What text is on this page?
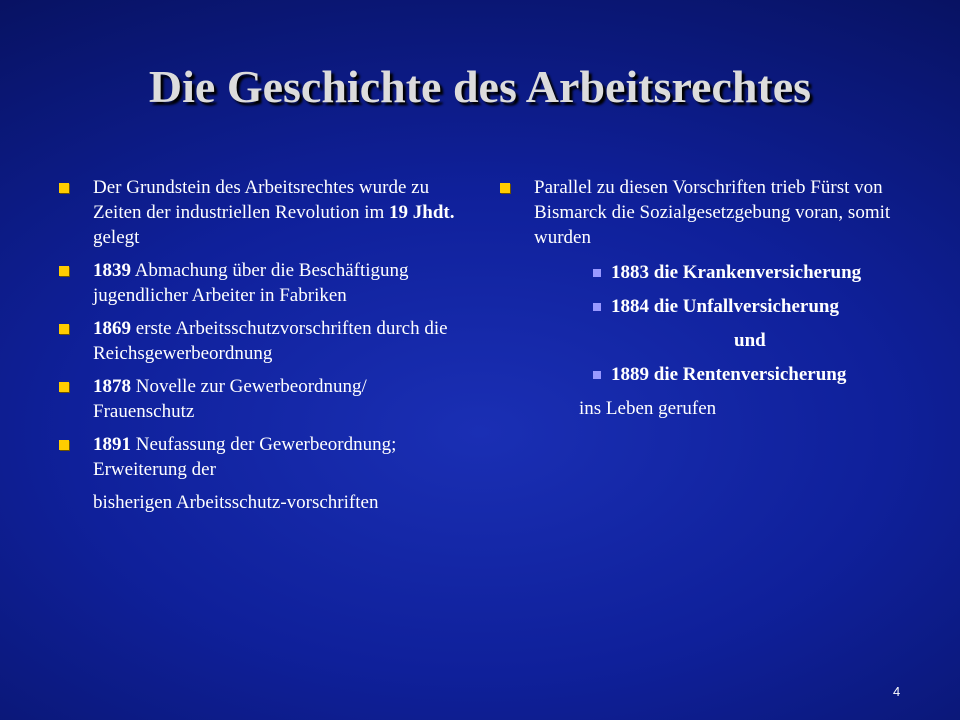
Die Geschichte des Arbeitsrechtes
Der Grundstein des Arbeitsrechtes wurde zu Zeiten der industriellen Revolution im 19 Jhdt. gelegt
1839 Abmachung über die Beschäftigung jugendlicher Arbeiter in Fabriken
1869 erste Arbeitsschutzvorschriften durch die Reichsgewerbeordnung
1878 Novelle zur Gewerbeordnung/ Frauenschutz
1891 Neufassung der Gewerbeordnung; Erweiterung der
bisherigen Arbeitsschutz-vorschriften
Parallel zu diesen Vorschriften trieb Fürst von Bismarck die Sozialgesetzgebung voran, somit wurden
1883 die Krankenversicherung
1884 die Unfallversicherung
und
1889 die Rentenversicherung
ins Leben gerufen
4
